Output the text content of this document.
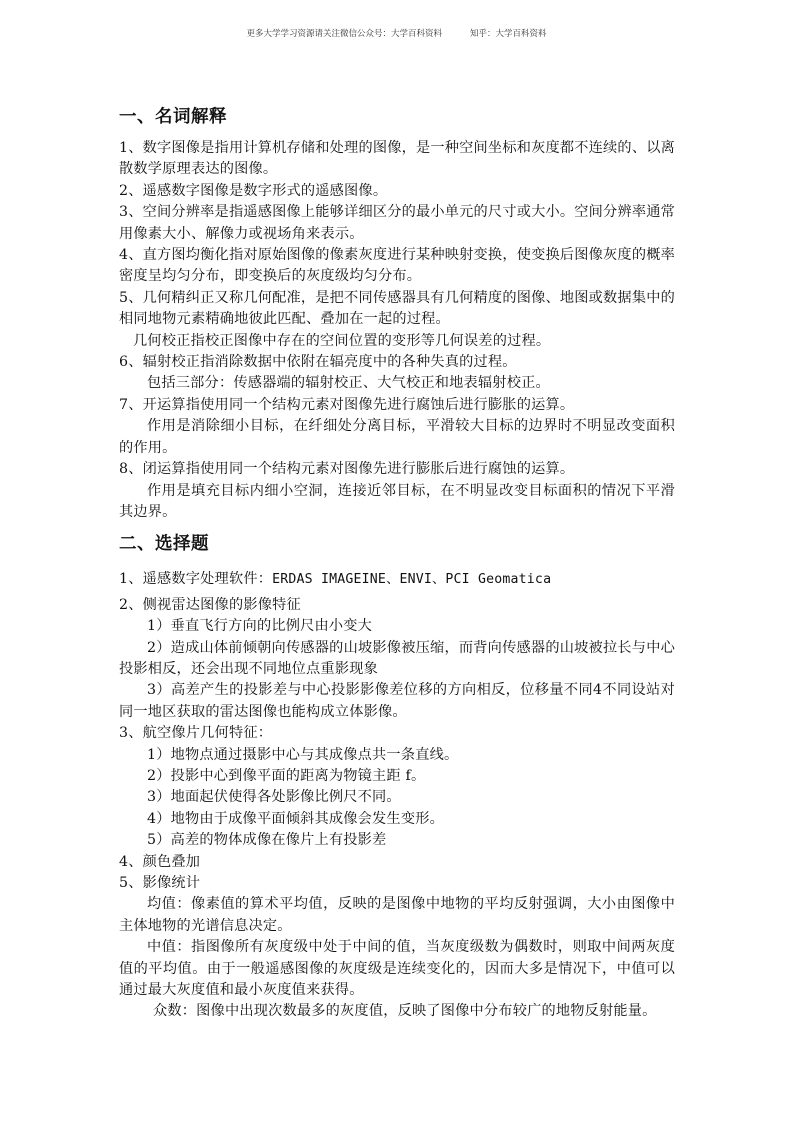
更多大学学习资源请关注微信公众号：大学百科资料	知乎：大学百科资料
一、名词解释

1、数字图像是指用计算机存储和处理的图像，是一种空间坐标和灰度都不连续的、以离散数学原理表达的图像。

2、遥感数字图像是数字形式的遥感图像。

3、空间分辨率是指遥感图像上能够详细区分的最小单元的尺寸或大小。空间分辨率通常用像素大小、解像力或视场角来表示。

4、直方图均衡化指对原始图像的像素灰度进行某种映射变换，使变换后图像灰度的概率密度呈均匀分布，即变换后的灰度级均匀分布。

5、几何精纠正又称几何配准，是把不同传感器具有几何精度的图像、地图或数据集中的相同地物元素精确地彼此匹配、叠加在一起的过程。

几何校正指校正图像中存在的空间位置的变形等几何误差的过程。

6、辐射校正指消除数据中依附在辐亮度中的各种失真的过程。

包括三部分：传感器端的辐射校正、大气校正和地表辐射校正。

7、开运算指使用同一个结构元素对图像先进行腐蚀后进行膨胀的运算。

作用是消除细小目标，在纤细处分离目标，平滑较大目标的边界时不明显改变面积的作用。

8、闭运算指使用同一个结构元素对图像先进行膨胀后进行腐蚀的运算。

作用是填充目标内细小空洞，连接近邻目标，在不明显改变目标面积的情况下平滑其边界。

二、选择题

1、遥感数字处理软件：ERDAS IMAGEINE、ENVI、PCI Geomatica

2、侧视雷达图像的影像特征

1）垂直飞行方向的比例尺由小变大

2）造成山体前倾朝向传感器的山坡影像被压缩，而背向传感器的山坡被拉长与中心投影相反，还会出现不同地位点重影现象

3）高差产生的投影差与中心投影影像差位移的方向相反，位移量不同4不同设站对同一地区获取的雷达图像也能构成立体影像。

3、航空像片几何特征：

1）地物点通过摄影中心与其成像点共一条直线。

2）投影中心到像平面的距离为物镜主距 f。

3）地面起伏使得各处影像比例尺不同。

4）地物由于成像平面倾斜其成像会发生变形。

5）高差的物体成像在像片上有投影差

4、颜色叠加

5、影像统计

均值：像素值的算术平均值，反映的是图像中地物的平均反射强调，大小由图像中主体地物的光谱信息决定。

中值：指图像所有灰度级中处于中间的值，当灰度级数为偶数时，则取中间两灰度值的平均值。由于一般遥感图像的灰度级是连续变化的，因而大多是情况下，中值可以通过最大灰度值和最小灰度值来获得。

众数：图像中出现次数最多的灰度值，反映了图像中分布较广的地物反射能量。
